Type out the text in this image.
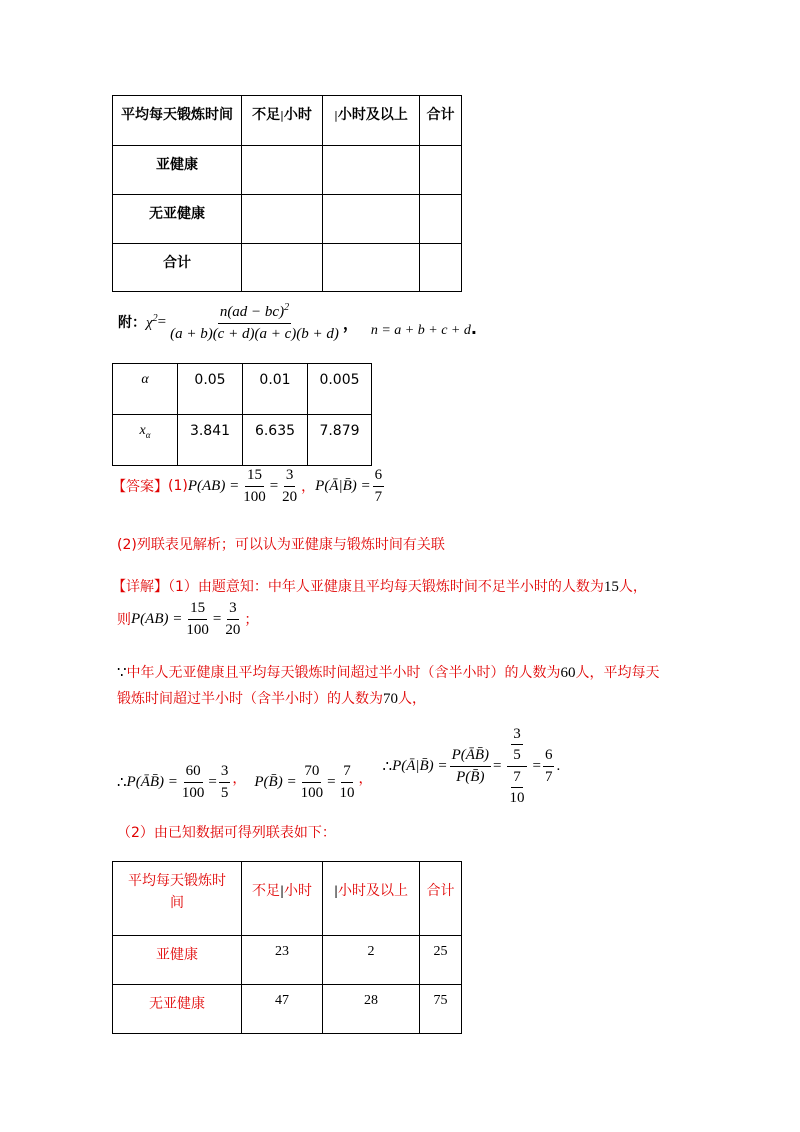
平均每天锻炼时间	不足|小时	|小时及以上	合计
亚健康			
无亚健康			
合计			
附： $\chi^2 = \frac{n(ad - bc)^2}{(a + b)(c + d)(a + c)(b + d)}$ ， n = a + b + c + d .
α	0.05	0.01	0.005
$x_\alpha$	3.841	6.635	7.879
【答案】 (1) $P(AB) = \frac{15}{100} = \frac{3}{20}$ ， P(Ā|B̄) = $\frac{6}{7}$
(2)列联表见解析；可以认为亚健康与锻炼时间有关联
【详解】（1）由题意知：中年人亚健康且平均每天锻炼时间不足半小时的人数为15人，
则 $P(AB) = \frac{15}{100} = \frac{3}{20}$ ；
∵中年人无亚健康且平均每天锻炼时间超过半小时（含半小时）的人数为60人，平均每天
锻炼时间超过半小时（含半小时）的人数为70人，
∴ P(ĀB̄) = $\frac{60}{100} = \frac{3}{5}$ ， P(B̄) = $\frac{70}{100} = \frac{7}{10}$ ，
∴ P(Ā|B̄) = $\frac{P(ĀB̄)}{P(B̄)} = \frac{\frac{3}{5}}{\frac{7}{10}} = \frac{6}{7}$ .
（2）由已知数据可得列联表如下：
平均每天锻炼时
间	不足|小时	|小时及以上	合计
亚健康	23	2	25
无亚健康	47	28	75
